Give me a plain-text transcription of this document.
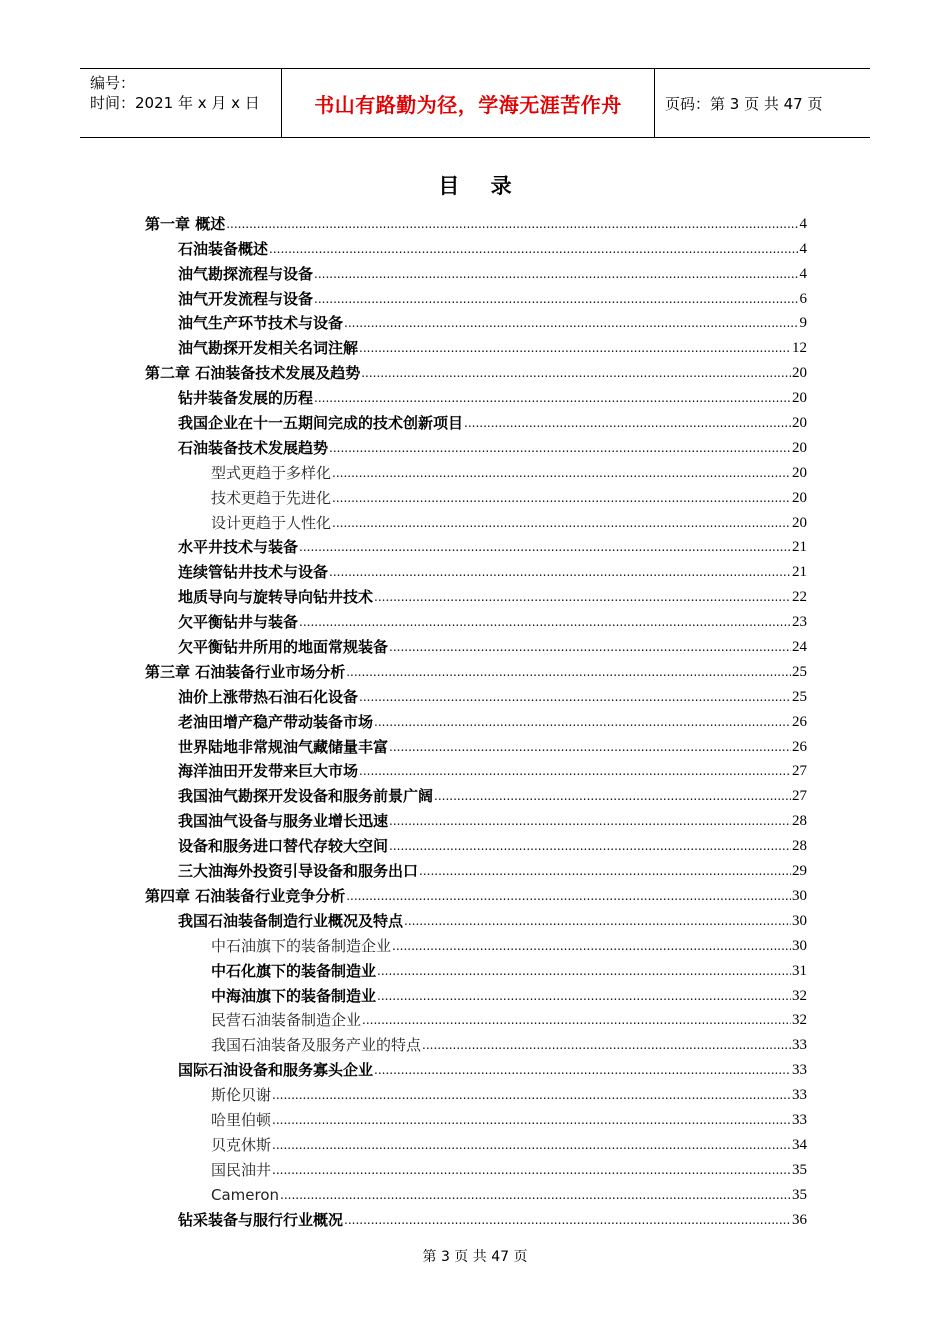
编号：
时间：2021 年 x 月 x 日	书山有路勤为径，学海无涯苦作舟	页码：第 3 页 共 47 页
目 录
第一章 概述 .....	4
石油装备概述 .....	4
油气勘探流程与设备 .....	4
油气开发流程与设备 .....	6
油气生产环节技术与设备 .....	9
油气勘探开发相关名词注解 .....	12
第二章 石油装备技术发展及趋势 .....	20
钻井装备发展的历程 .....	20
我国企业在十一五期间完成的技术创新项目 .....	20
石油装备技术发展趋势 .....	20
型式更趋于多样化 .....	20
技术更趋于先进化 .....	20
设计更趋于人性化 .....	20
水平井技术与装备 .....	21
连续管钻井技术与设备 .....	21
地质导向与旋转导向钻井技术 .....	22
欠平衡钻井与装备 .....	23
欠平衡钻井所用的地面常规装备 .....	24
第三章 石油装备行业市场分析 .....	25
油价上涨带热石油石化设备 .....	25
老油田增产稳产带动装备市场 .....	26
世界陆地非常规油气藏储量丰富 .....	26
海洋油田开发带来巨大市场 .....	27
我国油气勘探开发设备和服务前景广阔 .....	27
我国油气设备与服务业增长迅速 .....	28
设备和服务进口替代存较大空间 .....	28
三大油海外投资引导设备和服务出口 .....	29
第四章 石油装备行业竞争分析 .....	30
我国石油装备制造行业概况及特点 .....	30
中石油旗下的装备制造企业 .....	30
中石化旗下的装备制造业 .....	31
中海油旗下的装备制造业 .....	32
民营石油装备制造企业 .....	32
我国石油装备及服务产业的特点 .....	33
国际石油设备和服务寡头企业 .....	33
斯伦贝谢 .....	33
哈里伯顿 .....	33
贝克休斯 .....	34
国民油井 .....	35
Cameron .....	35
钻采装备与服行行业概况 .....	36
第 3 页 共 47 页
